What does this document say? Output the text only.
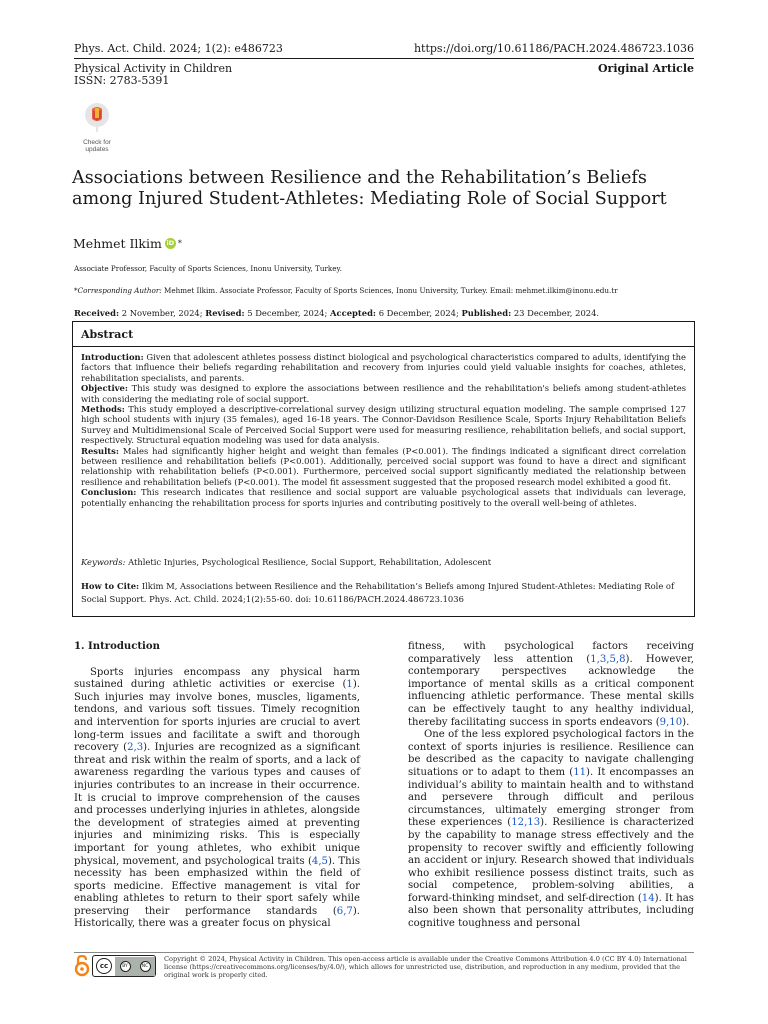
Phys. Act. Child. 2024; 1(2): e486723	https://doi.org/10.61186/PACH.2024.486723.1036
Physical Activity in Children
ISSN: 2783-5391
Original Article
Check for
updates
Associations between Resilience and the Rehabilitation’s Beliefs among Injured Student-Athletes: Mediating Role of Social Support
Mehmet Ilkim iD *
Associate Professor, Faculty of Sports Sciences, Inonu University, Turkey.
*Corresponding Author: Mehmet Ilkim. Associate Professor, Faculty of Sports Sciences, Inonu University, Turkey. Email: mehmet.ilkim@inonu.edu.tr
Received: 2 November, 2024; Revised: 5 December, 2024; Accepted: 6 December, 2024; Published: 23 December, 2024.
Abstract

Introduction: Given that adolescent athletes possess distinct biological and psychological characteristics compared to adults, identifying the factors that influence their beliefs regarding rehabilitation and recovery from injuries could yield valuable insights for coaches, athletes, rehabilitation specialists, and parents.

Objective: This study was designed to explore the associations between resilience and the rehabilitation's beliefs among student-athletes with considering the mediating role of social support.

Methods: This study employed a descriptive-correlational survey design utilizing structural equation modeling. The sample comprised 127 high school students with injury (35 females), aged 16-18 years. The Connor-Davidson Resilience Scale, Sports Injury Rehabilitation Beliefs Survey and Multidimensional Scale of Perceived Social Support were used for measuring resilience, rehabilitation beliefs, and social support, respectively. Structural equation modeling was used for data analysis.

Results: Males had significantly higher height and weight than females (P<0.001). The findings indicated a significant direct correlation between resilience and rehabilitation beliefs (P<0.001). Additionally, perceived social support was found to have a direct and significant relationship with rehabilitation beliefs (P<0.001). Furthermore, perceived social support significantly mediated the relationship between resilience and rehabilitation beliefs (P<0.001). The model fit assessment suggested that the proposed research model exhibited a good fit.

Conclusion: This research indicates that resilience and social support are valuable psychological assets that individuals can leverage, potentially enhancing the rehabilitation process for sports injuries and contributing positively to the overall well-being of athletes.

Keywords: Athletic Injuries, Psychological Resilience, Social Support, Rehabilitation, Adolescent
How to Cite: Ilkim M, Associations between Resilience and the Rehabilitation’s Beliefs among Injured Student-Athletes: Mediating Role of Social Support. Phys. Act. Child. 2024;1(2):55-60. doi: 10.61186/PACH.2024.486723.1036
1. Introduction

Sports injuries encompass any physical harm sustained during athletic activities or exercise (1). Such injuries may involve bones, muscles, ligaments, tendons, and various soft tissues. Timely recognition and intervention for sports injuries are crucial to avert long-term issues and facilitate a swift and thorough recovery (2,3). Injuries are recognized as a significant threat and risk within the realm of sports, and a lack of awareness regarding the various types and causes of injuries contributes to an increase in their occurrence. It is crucial to improve comprehension of the causes and processes underlying injuries in athletes, alongside the development of strategies aimed at preventing injuries and minimizing risks. This is especially important for young athletes, who exhibit unique physical, movement, and psychological traits (4,5). This necessity has been emphasized within the field of sports medicine. Effective management is vital for enabling athletes to return to their sport safely while preserving their performance standards (6,7). Historically, there was a greater focus on physical

fitness, with psychological factors receiving comparatively less attention (1,3,5,8). However, contemporary perspectives acknowledge the importance of mental skills as a critical component influencing athletic performance. These mental skills can be effectively taught to any healthy individual, thereby facilitating success in sports endeavors (9,10).

One of the less explored psychological factors in the context of sports injuries is resilience. Resilience can be described as the capacity to navigate challenging situations or to adapt to them (11). It encompasses an individual’s ability to maintain health and to withstand and persevere through difficult and perilous circumstances, ultimately emerging stronger from these experiences (12,13). Resilience is characterized by the capability to manage stress effectively and the propensity to recover swiftly and efficiently following an accident or injury. Research showed that individuals who exhibit resilience possess distinct traits, such as social competence, problem-solving abilities, a forward-thinking mindset, and self-direction (14). It has also been shown that personality attributes, including cognitive toughness and personal

cc	BY	NC
Copyright © 2024, Physical Activity in Children. This open-access article is available under the Creative Commons Attribution 4.0 (CC BY 4.0) International license (https://creativecommons.org/licenses/by/4.0/), which allows for unrestricted use, distribution, and reproduction in any medium, provided that the original work is properly cited.
